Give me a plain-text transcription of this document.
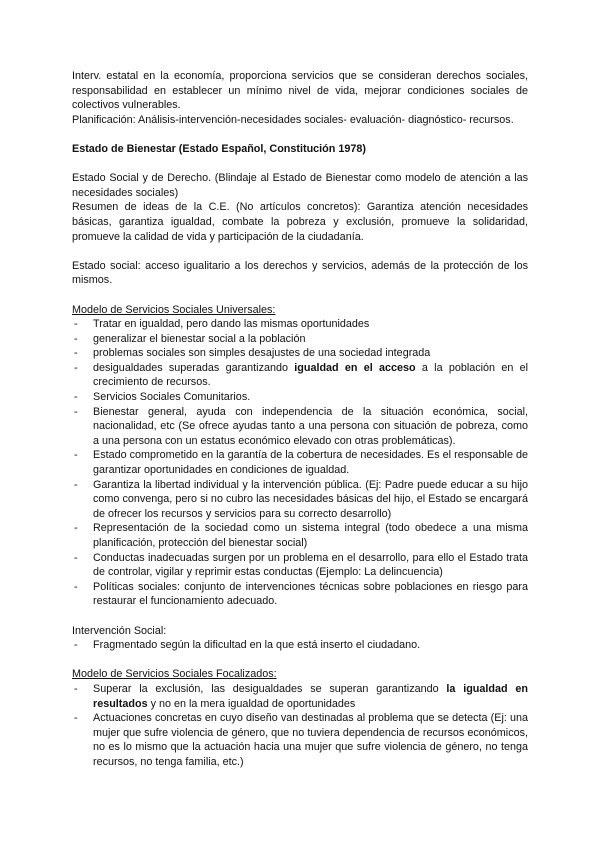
Interv. estatal en la economía, proporciona servicios que se consideran derechos sociales, responsabilidad en establecer un mínimo nivel de vida, mejorar condiciones sociales de colectivos vulnerables.

Planificación: Análisis-intervención-necesidades sociales- evaluación- diagnóstico- recursos.

Estado de Bienestar (Estado Español, Constitución 1978)

Estado Social y de Derecho. (Blindaje al Estado de Bienestar como modelo de atención a las necesidades sociales)

Resumen de ideas de la C.E. (No artículos concretos): Garantiza atención necesidades básicas, garantiza igualdad, combate la pobreza y exclusión, promueve la solidaridad, promueve la calidad de vida y participación de la ciudadanía.

Estado social: acceso igualitario a los derechos y servicios, además de la protección de los mismos.

Modelo de Servicios Sociales Universales:

- Tratar en igualdad, pero dando las mismas oportunidades
- generalizar el bienestar social a la población
- problemas sociales son simples desajustes de una sociedad integrada
- desigualdades superadas garantizando igualdad en el acceso a la población en el crecimiento de recursos.
- Servicios Sociales Comunitarios.
- Bienestar general, ayuda con independencia de la situación económica, social, nacionalidad, etc (Se ofrece ayudas tanto a una persona con situación de pobreza, como a una persona con un estatus económico elevado con otras problemáticas).
- Estado comprometido en la garantía de la cobertura de necesidades. Es el responsable de garantizar oportunidades en condiciones de igualdad.
- Garantiza la libertad individual y la intervención pública. (Ej: Padre puede educar a su hijo como convenga, pero si no cubro las necesidades básicas del hijo, el Estado se encargará de ofrecer los recursos y servicios para su correcto desarrollo)
- Representación de la sociedad como un sistema integral (todo obedece a una misma planificación, protección del bienestar social)
- Conductas inadecuadas surgen por un problema en el desarrollo, para ello el Estado trata de controlar, vigilar y reprimir estas conductas (Ejemplo: La delincuencia)
- Políticas sociales: conjunto de intervenciones técnicas sobre poblaciones en riesgo para restaurar el funcionamiento adecuado.

Intervención Social:

- Fragmentado según la dificultad en la que está inserto el ciudadano.

Modelo de Servicios Sociales Focalizados:

- Superar la exclusión, las desigualdades se superan garantizando la igualdad en resultados y no en la mera igualdad de oportunidades
- Actuaciones concretas en cuyo diseño van destinadas al problema que se detecta (Ej: una mujer que sufre violencia de género, que no tuviera dependencia de recursos económicos, no es lo mismo que la actuación hacia una mujer que sufre violencia de género, no tenga recursos, no tenga familia, etc.)
